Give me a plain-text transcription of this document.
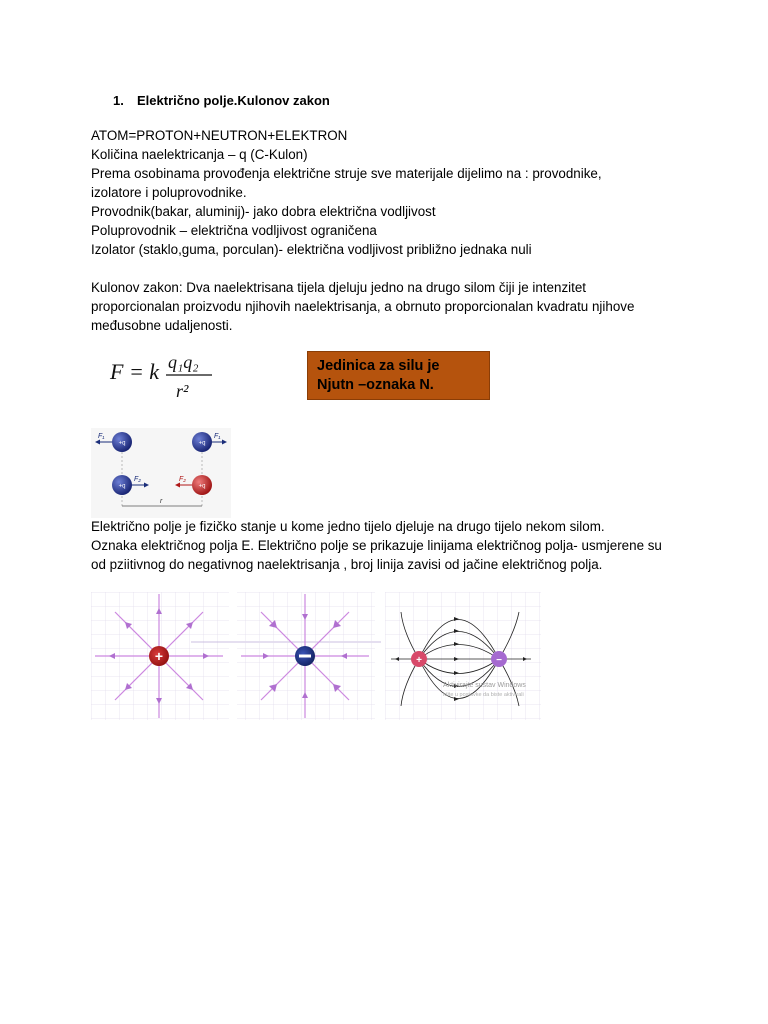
1. Električno polje.Kulonov zakon

ATOM=PROTON+NEUTRON+ELEKTRON
Količina naelektricanja – q (C-Kulon)
Prema osobinama provođenja električne struje sve materijale dijelimo na : provodnike,
izolatore i poluprovodnike.
Provodnik(bakar, aluminij)- jako dobra električna vodljivost
Poluprovodnik – električna vodljivost ograničena
Izolator (staklo,guma, porculan)- električna vodljivost približno jednaka nuli

Kulonov zakon: Dva naelektrisana tijela djeluju jedno na drugo silom čiji je intenzitet
proporcionalan proizvodu njihovih naelektrisanja, a obrnuto proporcionalan kvadratu njihove
međusobne udaljenosti.

F = k q₁q₂
r²
Jedinica za silu je
Njutn –oznaka N.
F₁	F₁
F₂	F₂
r
+q	+q
+q	+q

Električno polje je fizičko stanje u kome jedno tijelo djeluje na drugo tijelo nekom silom.
Oznaka električnog polja E. Električno polje se prikazuje linijama električnog polja- usmjerene su
od pziitivnog do negativnog naelektrisanja , broj linija zavisi od jačine električnog polja.

+
Aktivirajte sustav Windows
Idite u postavke da biste aktivirali
+	−
